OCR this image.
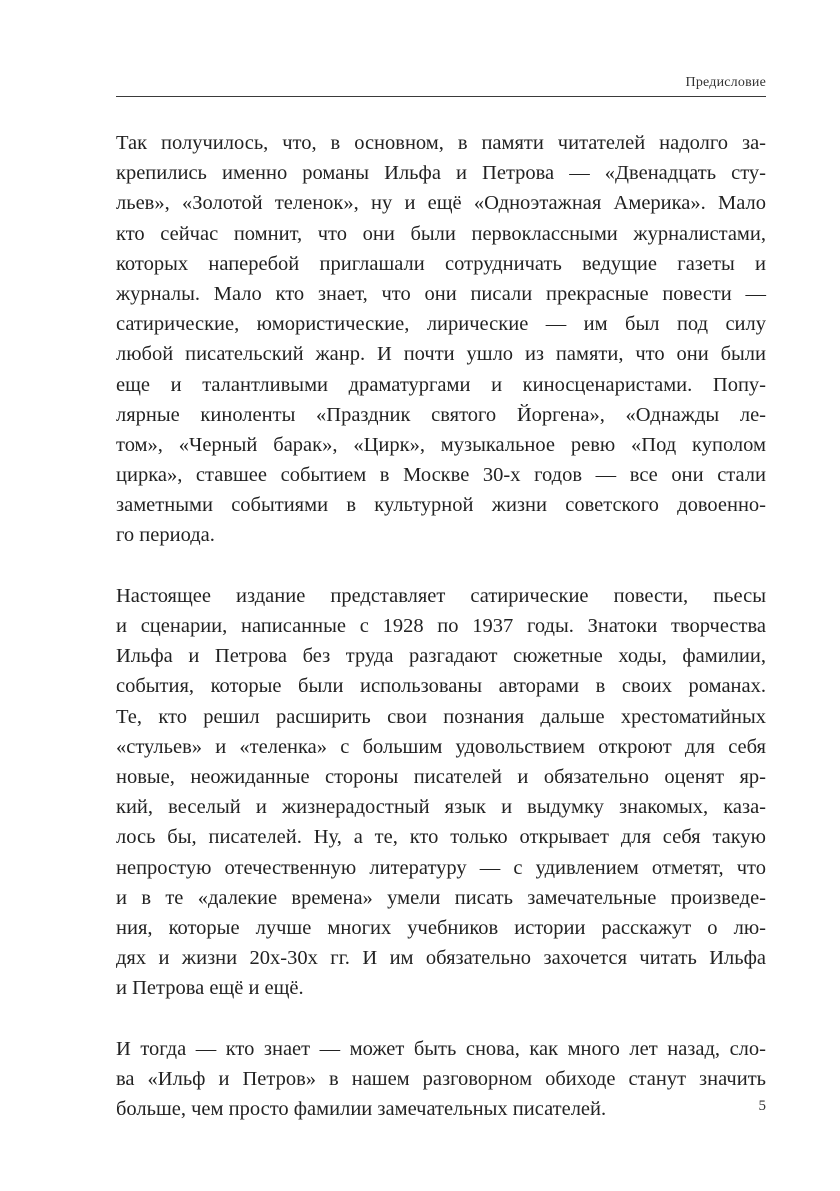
Предисловие
Так получилось, что, в основном, в памяти читателей надолго за-
крепились именно романы Ильфа и Петрова — «Двенадцать сту-
льев», «Золотой теленок», ну и ещё «Одноэтажная Америка». Мало
кто сейчас помнит, что они были первоклассными журналистами,
которых наперебой приглашали сотрудничать ведущие газеты и
журналы. Мало кто знает, что они писали прекрасные повести —
сатирические, юмористические, лирические — им был под силу
любой писательский жанр. И почти ушло из памяти, что они были
еще и талантливыми драматургами и киносценаристами. Попу-
лярные киноленты «Праздник святого Йоргена», «Однажды ле-
том», «Черный барак», «Цирк», музыкальное ревю «Под куполом
цирка», ставшее событием в Москве 30-х годов — все они стали
заметными событиями в культурной жизни советского довоенно-
го периода.
Настоящее издание представляет сатирические повести, пьесы
и сценарии, написанные с 1928 по 1937 годы. Знатоки творчества
Ильфа и Петрова без труда разгадают сюжетные ходы, фамилии,
события, которые были использованы авторами в своих романах.
Те, кто решил расширить свои познания дальше хрестоматийных
«стульев» и «теленка» с большим удовольствием откроют для себя
новые, неожиданные стороны писателей и обязательно оценят яр-
кий, веселый и жизнерадостный язык и выдумку знакомых, каза-
лось бы, писателей. Ну, а те, кто только открывает для себя такую
непростую отечественную литературу — с удивлением отметят, что
и в те «далекие времена» умели писать замечательные произведе-
ния, которые лучше многих учебников истории расскажут о лю-
дях и жизни 20х-30х гг. И им обязательно захочется читать Ильфа
и Петрова ещё и ещё.
И тогда — кто знает — может быть снова, как много лет назад, сло-
ва «Ильф и Петров» в нашем разговорном обиходе станут значить
больше, чем просто фамилии замечательных писателей.	5
